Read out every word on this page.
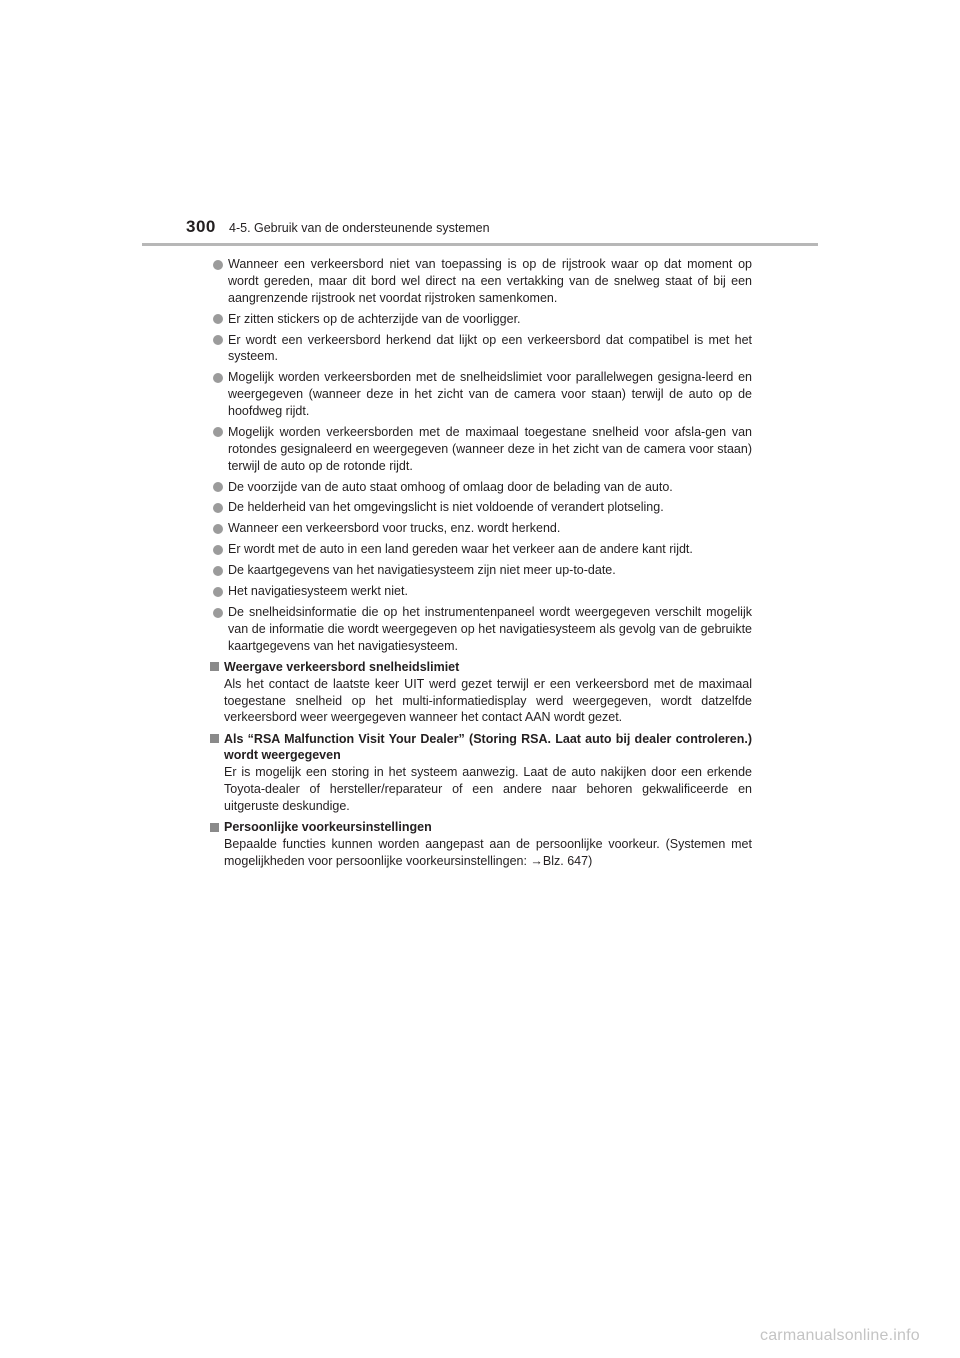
300 4-5. Gebruik van de ondersteunende systemen
Wanneer een verkeersbord niet van toepassing is op de rijstrook waar op dat moment op wordt gereden, maar dit bord wel direct na een vertakking van de snelweg staat of bij een aangrenzende rijstrook net voordat rijstroken samenkomen.
Er zitten stickers op de achterzijde van de voorligger.
Er wordt een verkeersbord herkend dat lijkt op een verkeersbord dat compatibel is met het systeem.
Mogelijk worden verkeersborden met de snelheidslimiet voor parallelwegen gesigna-leerd en weergegeven (wanneer deze in het zicht van de camera voor staan) terwijl de auto op de hoofdweg rijdt.
Mogelijk worden verkeersborden met de maximaal toegestane snelheid voor afsla-gen van rotondes gesignaleerd en weergegeven (wanneer deze in het zicht van de camera voor staan) terwijl de auto op de rotonde rijdt.
De voorzijde van de auto staat omhoog of omlaag door de belading van de auto.
De helderheid van het omgevingslicht is niet voldoende of verandert plotseling.
Wanneer een verkeersbord voor trucks, enz. wordt herkend.
Er wordt met de auto in een land gereden waar het verkeer aan de andere kant rijdt.
De kaartgegevens van het navigatiesysteem zijn niet meer up-to-date.
Het navigatiesysteem werkt niet.
De snelheidsinformatie die op het instrumentenpaneel wordt weergegeven verschilt mogelijk van de informatie die wordt weergegeven op het navigatiesysteem als gevolg van de gebruikte kaartgegevens van het navigatiesysteem.
Weergave verkeersbord snelheidslimiet
Als het contact de laatste keer UIT werd gezet terwijl er een verkeersbord met de maximaal toegestane snelheid op het multi-informatiedisplay werd weergegeven, wordt datzelfde verkeersbord weer weergegeven wanneer het contact AAN wordt gezet.
Als “RSA Malfunction Visit Your Dealer” (Storing RSA. Laat auto bij dealer controleren.) wordt weergegeven
Er is mogelijk een storing in het systeem aanwezig. Laat de auto nakijken door een erkende Toyota-dealer of hersteller/reparateur of een andere naar behoren gekwalificeerde en uitgeruste deskundige.
Persoonlijke voorkeursinstellingen
Bepaalde functies kunnen worden aangepast aan de persoonlijke voorkeur. (Systemen met mogelijkheden voor persoonlijke voorkeursinstellingen: →Blz. 647)
carmanualsonline.info
